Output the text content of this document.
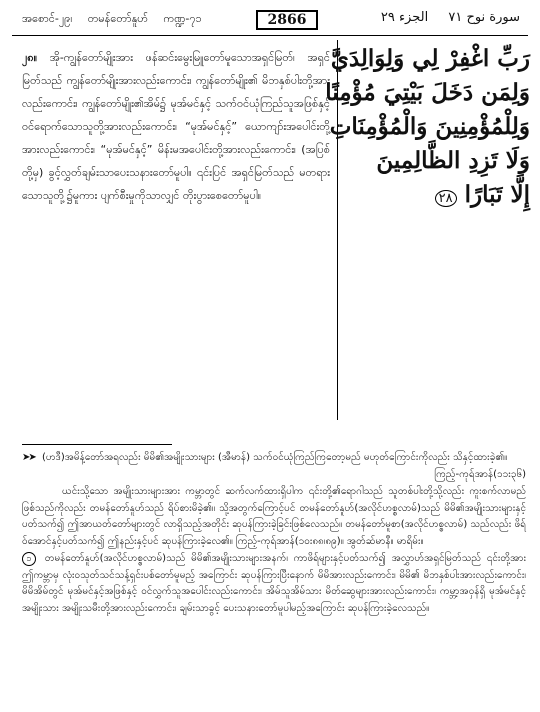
အစောင်-၂၉၊ တမန်တော်နူဟ် ကဏ္ဍ-၇၁	2866	سورة نوح ٧١ الجزء ٢٩

၂၈။ အို-ကျွန်တော်မျိုးအား ဖန်ဆင်းမွေးမြူတော်မူသောအရှင်မြတ်၊ အရှင်မြတ်သည် ကျွန်တော်မျိုးအားလည်းကောင်း၊ ကျွန်တော်မျိုး၏ မိဘနှစ်ပါးတို့အားလည်းကောင်း၊ ကျွန်တော်မျိုး၏အိမ်၌ မုအ်မင်နှင့် သက်ဝင်ယုံကြည်သူအဖြစ်နှင့် ဝင်ရောက်သောသူတို့အားလည်းကောင်း၊ “မုအ်မင်နှင့်” ယောကျာ်းအပေါင်းတို့အားလည်းကောင်း၊ “မုအ်မင်နှင့်” မိန်းမအပေါင်းတို့အားလည်းကောင်း၊ (အပြစ်တို့မှ) ခွင့်လွှတ်ချမ်းသာပေးသနားတော်မူပါ။ ၎င်းပြင် အရှင်မြတ်သည် မတရားသောသူတို့၌မူကား ပျက်စီးမှုကိုသာလျှင် တိုးပွားစေတော်မူပါ။

رَبِّ اغْفِرْ لِي وَلِوَالِدَيَّ
وَلِمَن دَخَلَ بَيْتِيَ مُؤْمِنًا
وَلِلْمُؤْمِنِينَ وَالْمُؤْمِنَاتِ
وَلَا تَزِدِ الظَّالِمِينَ
إِلَّا تَبَارًا ٢٨

➤➤ (ဟဒီ)အမိန့်တော်အရလည်း မိမိ၏အမျိုးသားများ (အီမာန်) သက်ဝင်ယုံကြည်ကြတော့မည် မဟုတ်ကြောင်းကိုလည်း သိနှင့်ထားခဲ့၏။
ကြည့်-ကုရ်အာန်(၁၁း၃၆)

ယင်းသို့သော အမျိုးသားများအား ကမ္ဘာတွင် ဆက်လက်ထားရှိပါက ၎င်းတို့၏ရောဂါသည် သူတစ်ပါးတို့သို့လည်း ကူးစက်လာမည်ဖြစ်သည်ကိုလည်း တမန်တော်နူဟ်သည် ရိပ်စားမိခဲ့၏။ သို့အတွက်ကြောင့်ပင် တမန်တော်နူဟ်(အလိုင်ဟစ္စလာမ်)သည် မိမိ၏အမျိုးသားများနှင့်ပတ်သက်၍ ဤအာယတ်တော်များတွင် လာရှိသည့်အတိုင်း ဆုပန်ကြားခဲ့ခြင်းဖြစ်လေသည်။ တမန်တော်မူစာ(အလိုင်ဟစ္စလာမ်) သည်လည်း ဖိရ်ဝ်အောင်နှင့်ပတ်သက်၍ ဤနည်းနှင့်ပင် ဆုပန်ကြားခဲ့လေ၏။ ကြည့်-ကုရ်အာန်(၁၀း၈၈၊၈၉)။ အွတ်ဆ်မာနီ။ မာရိမ်း။

၁ တမန်တော်နူဟ်(အလိုင်ဟစ္စလာမ်)သည် မိမိ၏အမျိုးသားများအနက်၊ ကာဖိရ်များနှင့်ပတ်သက်၍ အလွှာဟ်အရှင်မြတ်သည် ၎င်းတို့အား ဤကမ္ဘာမှ လုံးဝသုတ်သင်သန့်ရှင်းပစ်တော်မူမည့် အကြောင်း ဆုပန်ကြားပြီးနောက် မိမိအားလည်းကောင်း၊ မိမိ၏ မိဘနှစ်ပါးအားလည်းကောင်း၊ မိမိအိမ်တွင် မုအ်မင်နှင့်အဖြစ်နှင့် ဝင်လွှက်သူအပေါင်းလည်းကောင်း၊ အိမ်သူအိမ်သား မိတ်ဆွေများအားလည်းကောင်း၊ ကမ္ဘာ့အဝှန်ရှိ မုအ်မင်နှင့်အမျိုးသား အမျိုးသမီးတို့အားလည်းကောင်း၊ ချမ်းသာခွင့် ပေးသနားတော်မူပါမည့်အကြောင်း ဆုပန်ကြားခဲ့လေသည်။
